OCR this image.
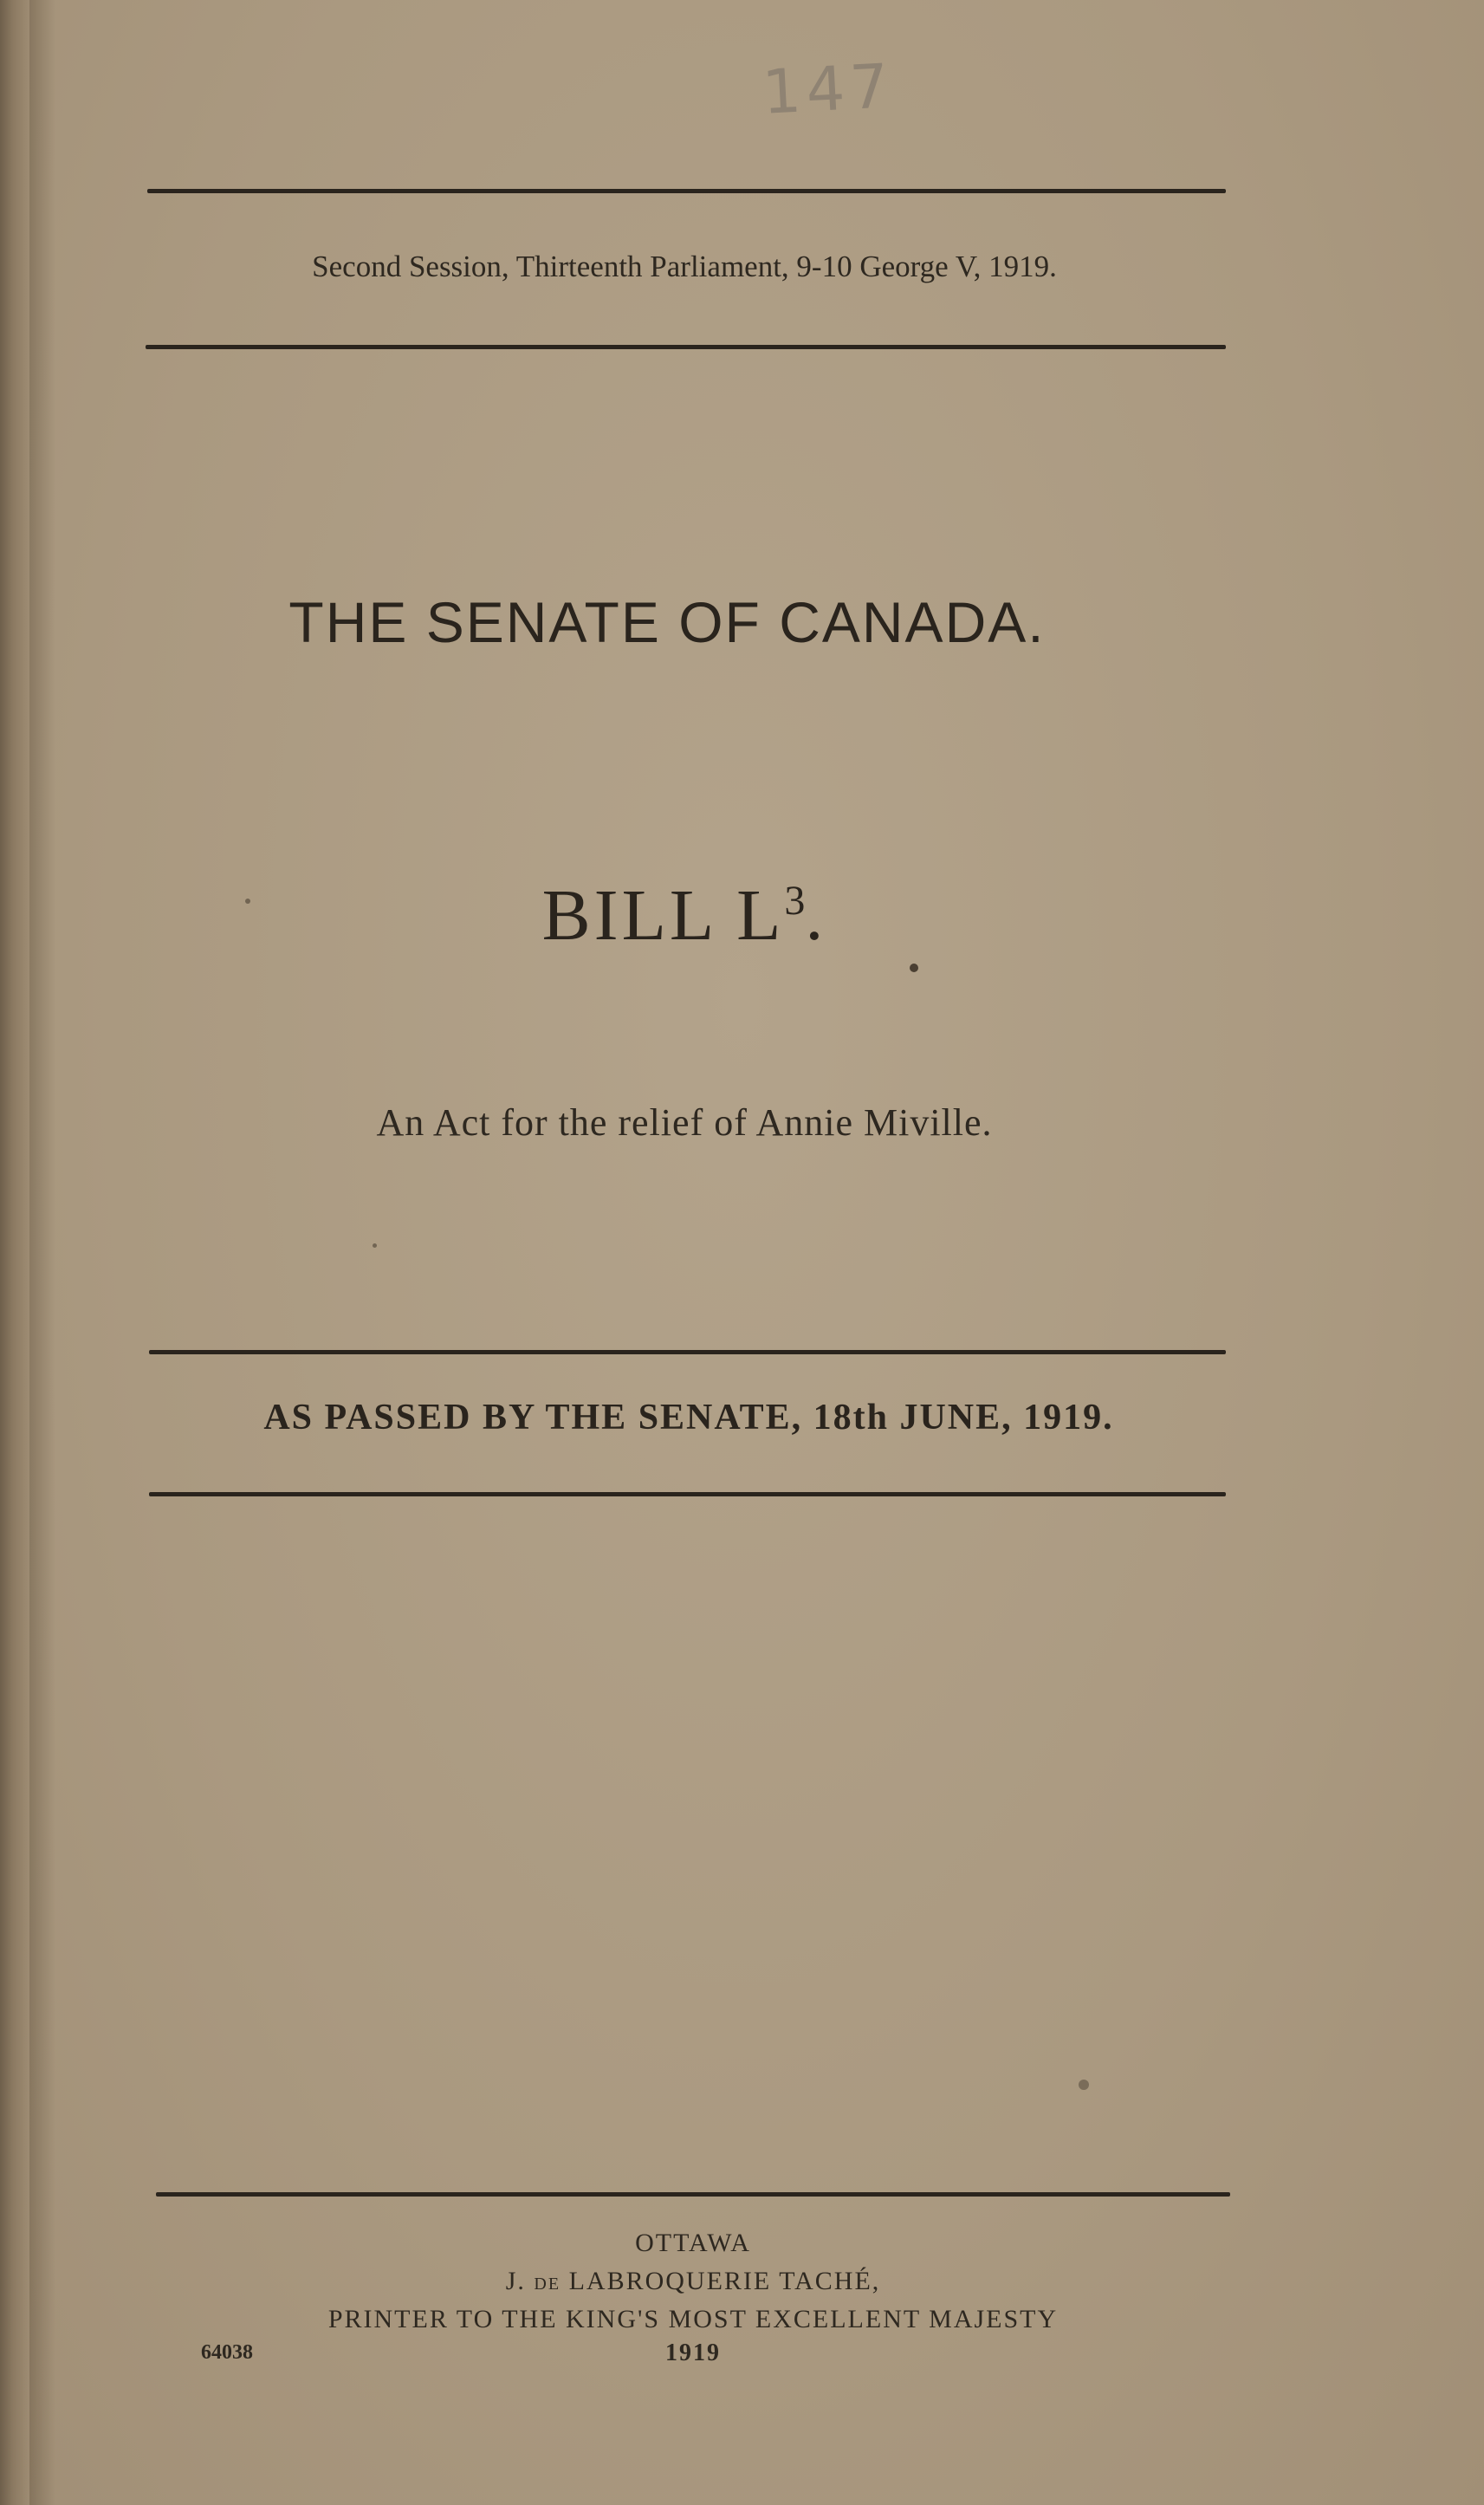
147
Second Session, Thirteenth Parliament, 9-10 George V, 1919.
THE SENATE OF CANADA.
BILL $L^3$.
An Act for the relief of Annie Miville.
AS PASSED BY THE SENATE, 18th JUNE, 1919.
OTTAWA
J. DE LABROQUERIE TACHÉ,
PRINTER TO THE KING'S MOST EXCELLENT MAJESTY
1919
64038
